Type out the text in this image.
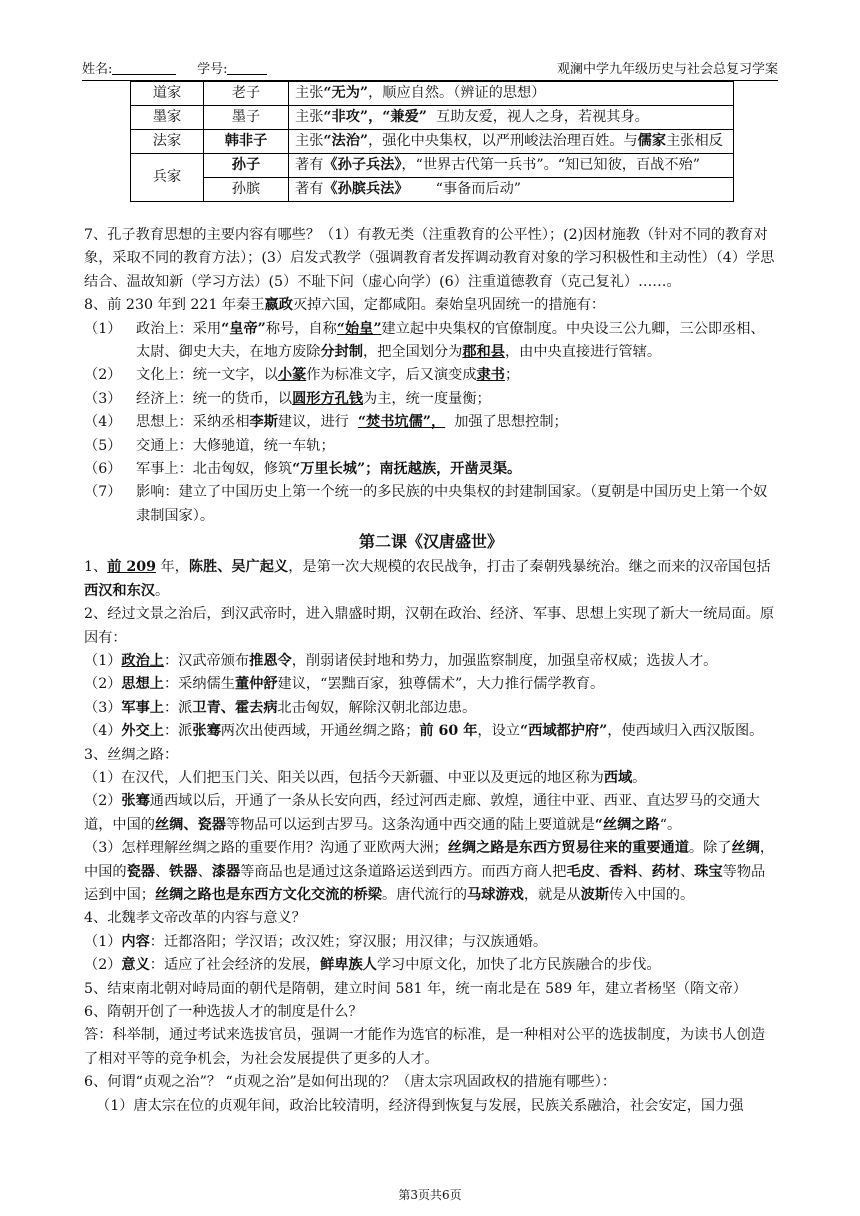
姓名:	学号:	观澜中学九年级历史与社会总复习学案
道家	老子	主张“无为”，顺应自然。（辨证的思想）
墨家	墨子	主张“非攻”，“兼爱” 互助友爱，视人之身，若视其身。
法家	韩非子	主张“法治”，强化中央集权，以严刑峻法治理百姓。与儒家主张相反
兵家	孙子	著有《孙子兵法》，“世界古代第一兵书”。“知已知彼，百战不殆”
	孙膑	著有《孙膑兵法》 “事备而后动”

7、孔子教育思想的主要内容有哪些？（1）有教无类（注重教育的公平性）；(2)因材施教（针对不同的教育对象，采取不同的教育方法）；(3）启发式教学（强调教育者发挥调动教育对象的学习积极性和主动性）（4）学思结合、温故知新（学习方法）(5）不耻下问（虚心向学）(6）注重道德教育（克己复礼）……。

8、前 230 年到 221 年秦王嬴政灭掉六国，定都咸阳。秦始皇巩固统一的措施有：

（1） 政治上：采用“皇帝”称号，自称“始皇”建立起中央集权的官僚制度。中央设三公九卿，三公即丞相、太尉、御史大夫，在地方废除分封制，把全国划分为郡和县，由中央直接进行管辖。

（2） 文化上：统一文字，以小篆作为标准文字，后又演变成隶书；

（3） 经济上：统一的货币，以圆形方孔钱为主，统一度量衡；

（4） 思想上：采纳丞相李斯建议，进行 “焚书坑儒”， 加强了思想控制；

（5） 交通上：大修驰道，统一车轨；

（6） 军事上：北击匈奴，修筑“万里长城”；南抚越族，开凿灵渠。

（7） 影响：建立了中国历史上第一个统一的多民族的中央集权的封建制国家。（夏朝是中国历史上第一个奴隶制国家）。

第二课《汉唐盛世》

1、前 209 年，陈胜、吴广起义，是第一次大规模的农民战争，打击了秦朝残暴统治。继之而来的汉帝国包括西汉和东汉。

2、经过文景之治后，到汉武帝时，进入鼎盛时期，汉朝在政治、经济、军事、思想上实现了新大一统局面。原因有：

（1）政治上：汉武帝颁布推恩令，削弱诸侯封地和势力，加强监察制度，加强皇帝权威；选拔人才。

（2）思想上：采纳儒生董仲舒建议，“罢黜百家，独尊儒术”，大力推行儒学教育。

（3）军事上：派卫青、霍去病北击匈奴，解除汉朝北部边患。

（4）外交上：派张骞两次出使西域，开通丝绸之路；前 60 年，设立“西域都护府”，使西域归入西汉版图。

3、丝绸之路：

（1）在汉代，人们把玉门关、阳关以西，包括今天新疆、中亚以及更远的地区称为西域。

（2）张骞通西域以后，开通了一条从长安向西，经过河西走廊、敦煌，通往中亚、西亚、直达罗马的交通大道，中国的丝绸、瓷器等物品可以运到古罗马。这条沟通中西交通的陆上要道就是“丝绸之路“。

（3）怎样理解丝绸之路的重要作用？沟通了亚欧两大洲；丝绸之路是东西方贸易往来的重要通道。除了丝绸，中国的瓷器、铁器、漆器等商品也是通过这条道路运送到西方。而西方商人把毛皮、香料、药材、珠宝等物品运到中国；丝绸之路也是东西方文化交流的桥梁。唐代流行的马球游戏，就是从波斯传入中国的。

4、北魏孝文帝改革的内容与意义？

（1）内容：迁都洛阳；学汉语；改汉姓；穿汉服；用汉律；与汉族通婚。

（2）意义：适应了社会经济的发展，鲜卑族人学习中原文化，加快了北方民族融合的步伐。

5、结束南北朝对峙局面的朝代是隋朝，建立时间 581 年，统一南北是在 589 年，建立者杨坚（隋文帝）

6、隋朝开创了一种选拔人才的制度是什么？

答：科举制，通过考试来选拔官员，强调一才能作为选官的标准，是一种相对公平的选拔制度，为读书人创造了相对平等的竞争机会，为社会发展提供了更多的人才。

6、何谓“贞观之治”？ “贞观之治”是如何出现的？（唐太宗巩固政权的措施有哪些）：

（1）唐太宗在位的贞观年间，政治比较清明，经济得到恢复与发展，民族关系融洽，社会安定，国力强

第3页共6页
